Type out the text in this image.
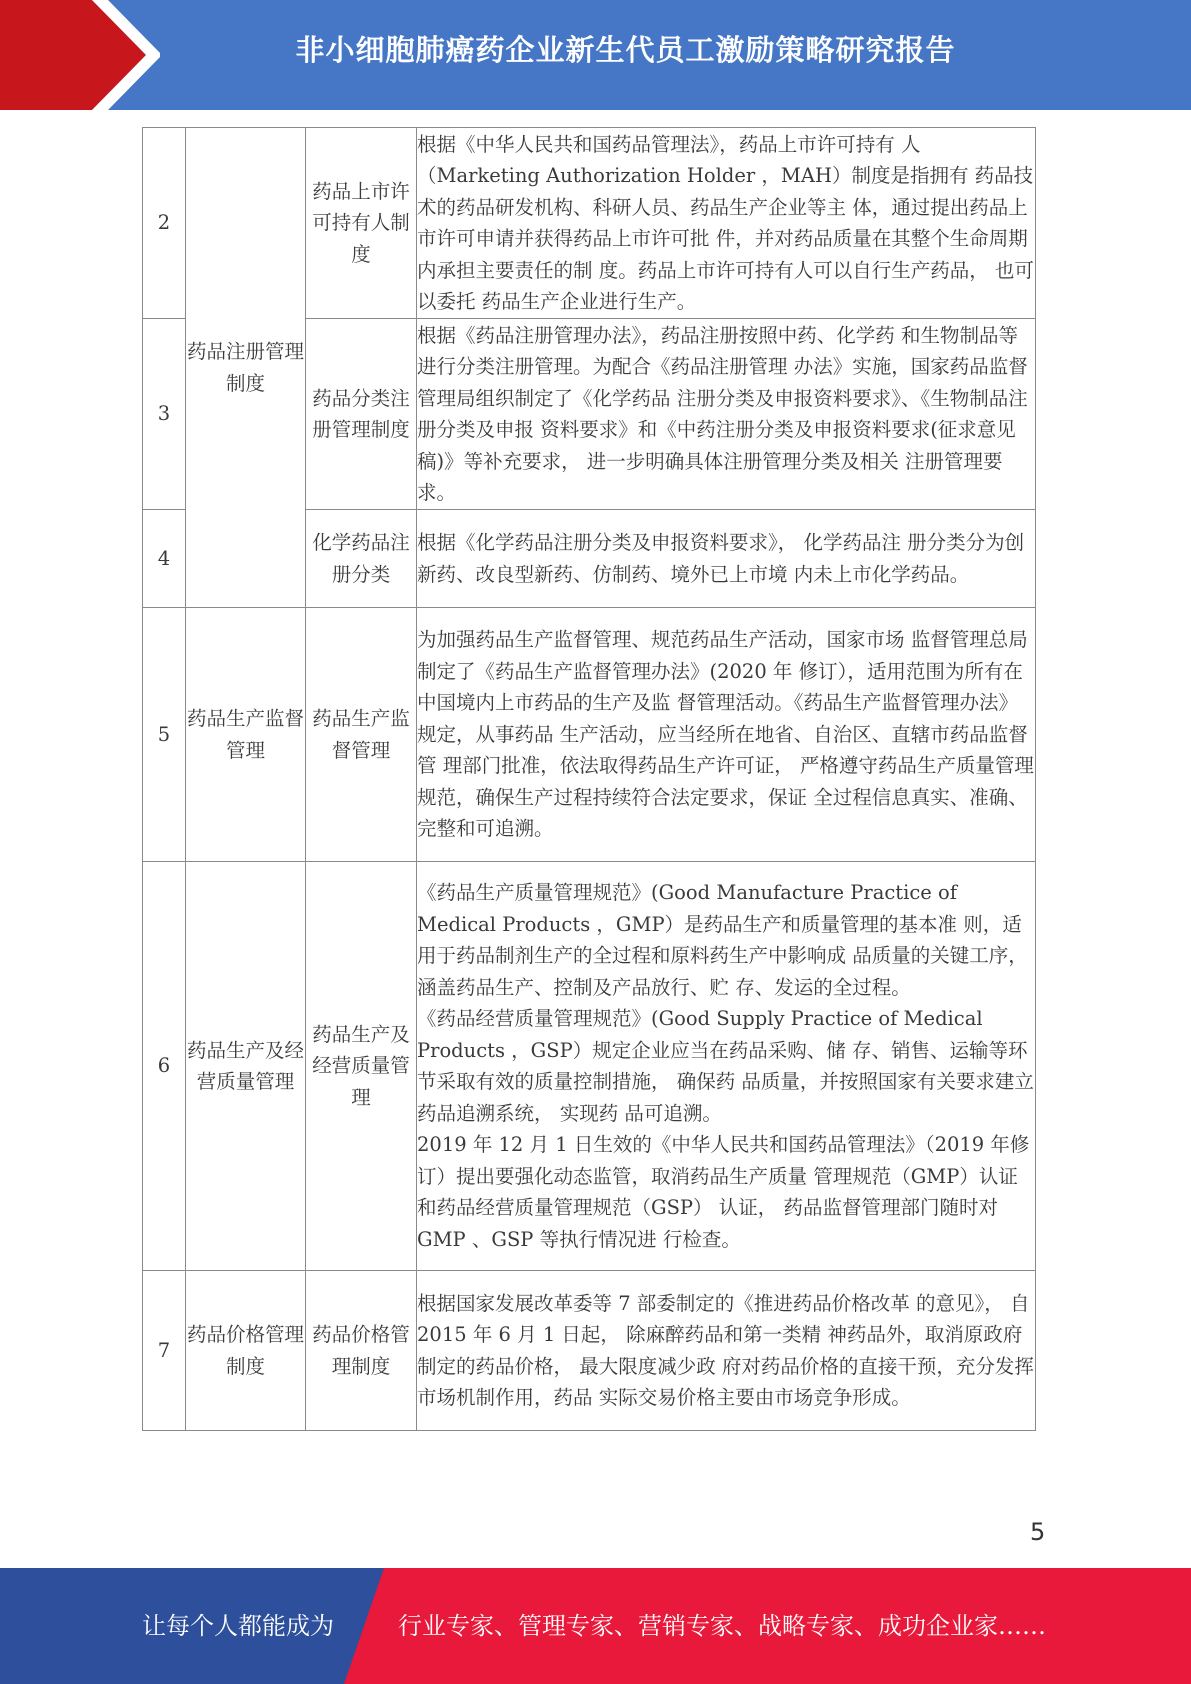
非小细胞肺癌药企业新生代员工激励策略研究报告
2	药品注册管理制度	药品上市许可持有人制度	根据《中华人民共和国药品管理法》，药品上市许可持有 人（Marketing Authorization Holder ，MAH）制度是指拥有 药品技术的药品研发机构、科研人员、药品生产企业等主 体，通过提出药品上市许可申请并获得药品上市许可批 件，并对药品质量在其整个生命周期内承担主要责任的制 度。药品上市许可持有人可以自行生产药品， 也可以委托 药品生产企业进行生产。

3		药品分类注册管理制度	根据《药品注册管理办法》，药品注册按照中药、化学药 和生物制品等进行分类注册管理。为配合《药品注册管理 办法》实施，国家药品监督管理局组织制定了《化学药品 注册分类及申报资料要求》、《生物制品注册分类及申报 资料要求》和《中药注册分类及申报资料要求(征求意见 稿)》等补充要求， 进一步明确具体注册管理分类及相关 注册管理要求。

4		化学药品注册分类	根据《化学药品注册分类及申报资料要求》， 化学药品注 册分类分为创新药、改良型新药、仿制药、境外已上市境 内未上市化学药品。

5	药品生产监督管理	药品生产监督管理	为加强药品生产监督管理、规范药品生产活动，国家市场 监督管理总局制定了《药品生产监督管理办法》(2020 年 修订），适用范围为所有在中国境内上市药品的生产及监 督管理活动。《药品生产监督管理办法》规定，从事药品 生产活动，应当经所在地省、自治区、直辖市药品监督管 理部门批准，依法取得药品生产许可证， 严格遵守药品生产质量管理规范，确保生产过程持续符合法定要求，保证 全过程信息真实、准确、完整和可追溯。

6	药品生产及经营质量管理	药品生产及经营质量管理	《药品生产质量管理规范》(Good Manufacture Practice of Medical Products ，GMP）是药品生产和质量管理的基本准 则，适用于药品制剂生产的全过程和原料药生产中影响成 品质量的关键工序， 涵盖药品生产、控制及产品放行、贮 存、发运的全过程。
《药品经营质量管理规范》(Good Supply Practice of Medical Products ，GSP）规定企业应当在药品采购、储 存、销售、运输等环节采取有效的质量控制措施， 确保药 品质量，并按照国家有关要求建立药品追溯系统， 实现药 品可追溯。
2019 年 12 月 1 日生效的《中华人民共和国药品管理法》（2019 年修订）提出要强化动态监管，取消药品生产质量 管理规范（GMP）认证和药品经营质量管理规范（GSP） 认证， 药品监督管理部门随时对 GMP 、GSP 等执行情况进 行检查。

7	药品价格管理制度	药品价格管理制度	根据国家发展改革委等 7 部委制定的《推进药品价格改革 的意见》， 自 2015 年 6 月 1 日起， 除麻醉药品和第一类精 神药品外，取消原政府制定的药品价格， 最大限度减少政 府对药品价格的直接干预，充分发挥市场机制作用，药品 实际交易价格主要由市场竞争形成。
5
让每个人都能成为	行业专家、管理专家、营销专家、战略专家、成功企业家……
